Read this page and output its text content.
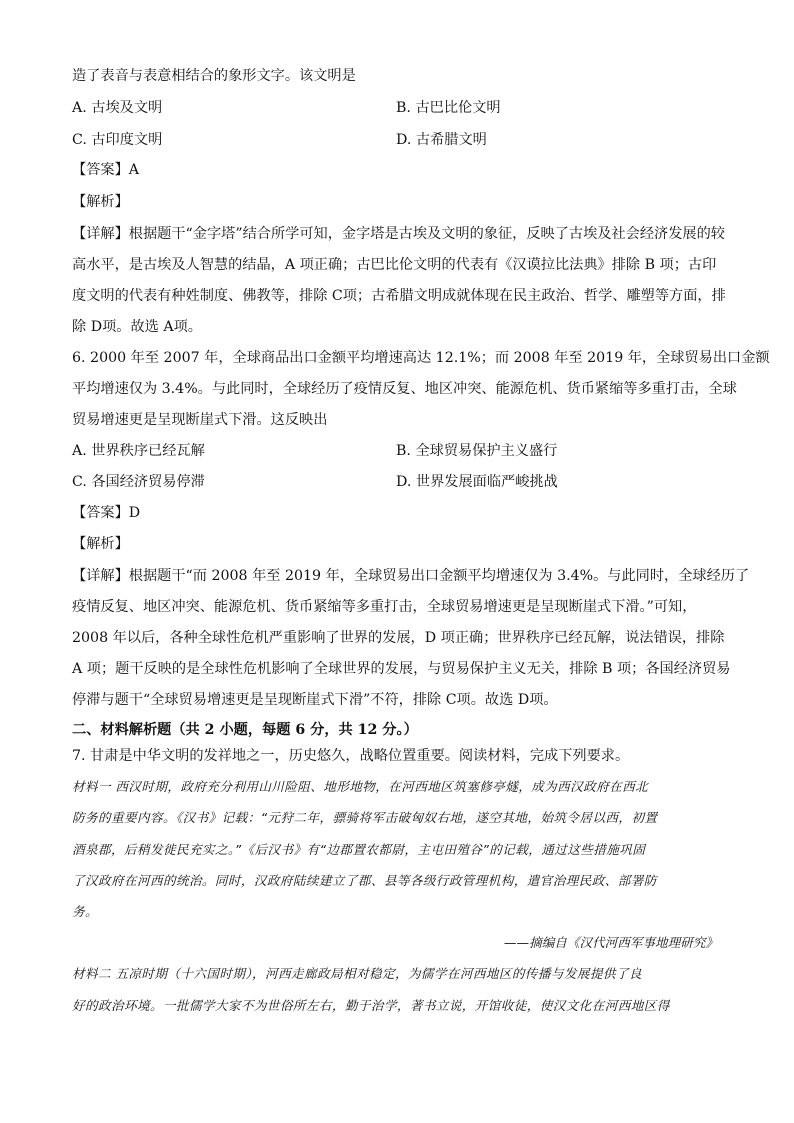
造了表音与表意相结合的象形文字。该文明是
A. 古埃及文明	B. 古巴比伦文明
C. 古印度文明	D. 古希腊文明
【答案】A
【解析】
【详解】根据题干“金字塔”结合所学可知，金字塔是古埃及文明的象征，反映了古埃及社会经济发展的较
高水平，是古埃及人智慧的结晶，A 项正确；古巴比伦文明的代表有《汉谟拉比法典》排除 B 项；古印
度文明的代表有种姓制度、佛教等，排除 C项；古希腊文明成就体现在民主政治、哲学、雕塑等方面，排
除 D项。故选 A项。
6. 2000 年至 2007 年，全球商品出口金额平均增速高达 12.1%；而 2008 年至 2019 年，全球贸易出口金额
平均增速仅为 3.4%。与此同时，全球经历了疫情反复、地区冲突、能源危机、货币紧缩等多重打击，全球
贸易增速更是呈现断崖式下滑。这反映出
A. 世界秩序已经瓦解	B. 全球贸易保护主义盛行
C. 各国经济贸易停滞	D. 世界发展面临严峻挑战
【答案】D
【解析】
【详解】根据题干“而 2008 年至 2019 年，全球贸易出口金额平均增速仅为 3.4%。与此同时，全球经历了
疫情反复、地区冲突、能源危机、货币紧缩等多重打击，全球贸易增速更是呈现断崖式下滑。”可知，
2008 年以后，各种全球性危机严重影响了世界的发展，D 项正确；世界秩序已经瓦解，说法错误，排除
A 项；题干反映的是全球性危机影响了全球世界的发展，与贸易保护主义无关，排除 B 项；各国经济贸易
停滞与题干“全球贸易增速更是呈现断崖式下滑”不符，排除 C项。故选 D项。
二、材料解析题（共 2 小题，每题 6 分，共 12 分。）
7. 甘肃是中华文明的发祥地之一，历史悠久，战略位置重要。阅读材料，完成下列要求。
材料一 西汉时期，政府充分利用山川险阻、地形地物，在河西地区筑塞修亭燧，成为西汉政府在西北
防务的重要内容。《汉书》记载：“元狩二年，骠骑将军击破匈奴右地，遂空其地，始筑令居以西，初置
酒泉郡，后稍发徙民充实之。”《后汉书》有“边郡置农都尉，主屯田殖谷”的记载，通过这些措施巩固
了汉政府在河西的统治。同时，汉政府陆续建立了郡、县等各级行政管理机构，遣官治理民政、部署防
务。
——摘编自《汉代河西军事地理研究》
材料二 五凉时期（十六国时期），河西走廊政局相对稳定，为儒学在河西地区的传播与发展提供了良
好的政治环境。一批儒学大家不为世俗所左右，勤于治学，著书立说，开馆收徒，使汉文化在河西地区得
